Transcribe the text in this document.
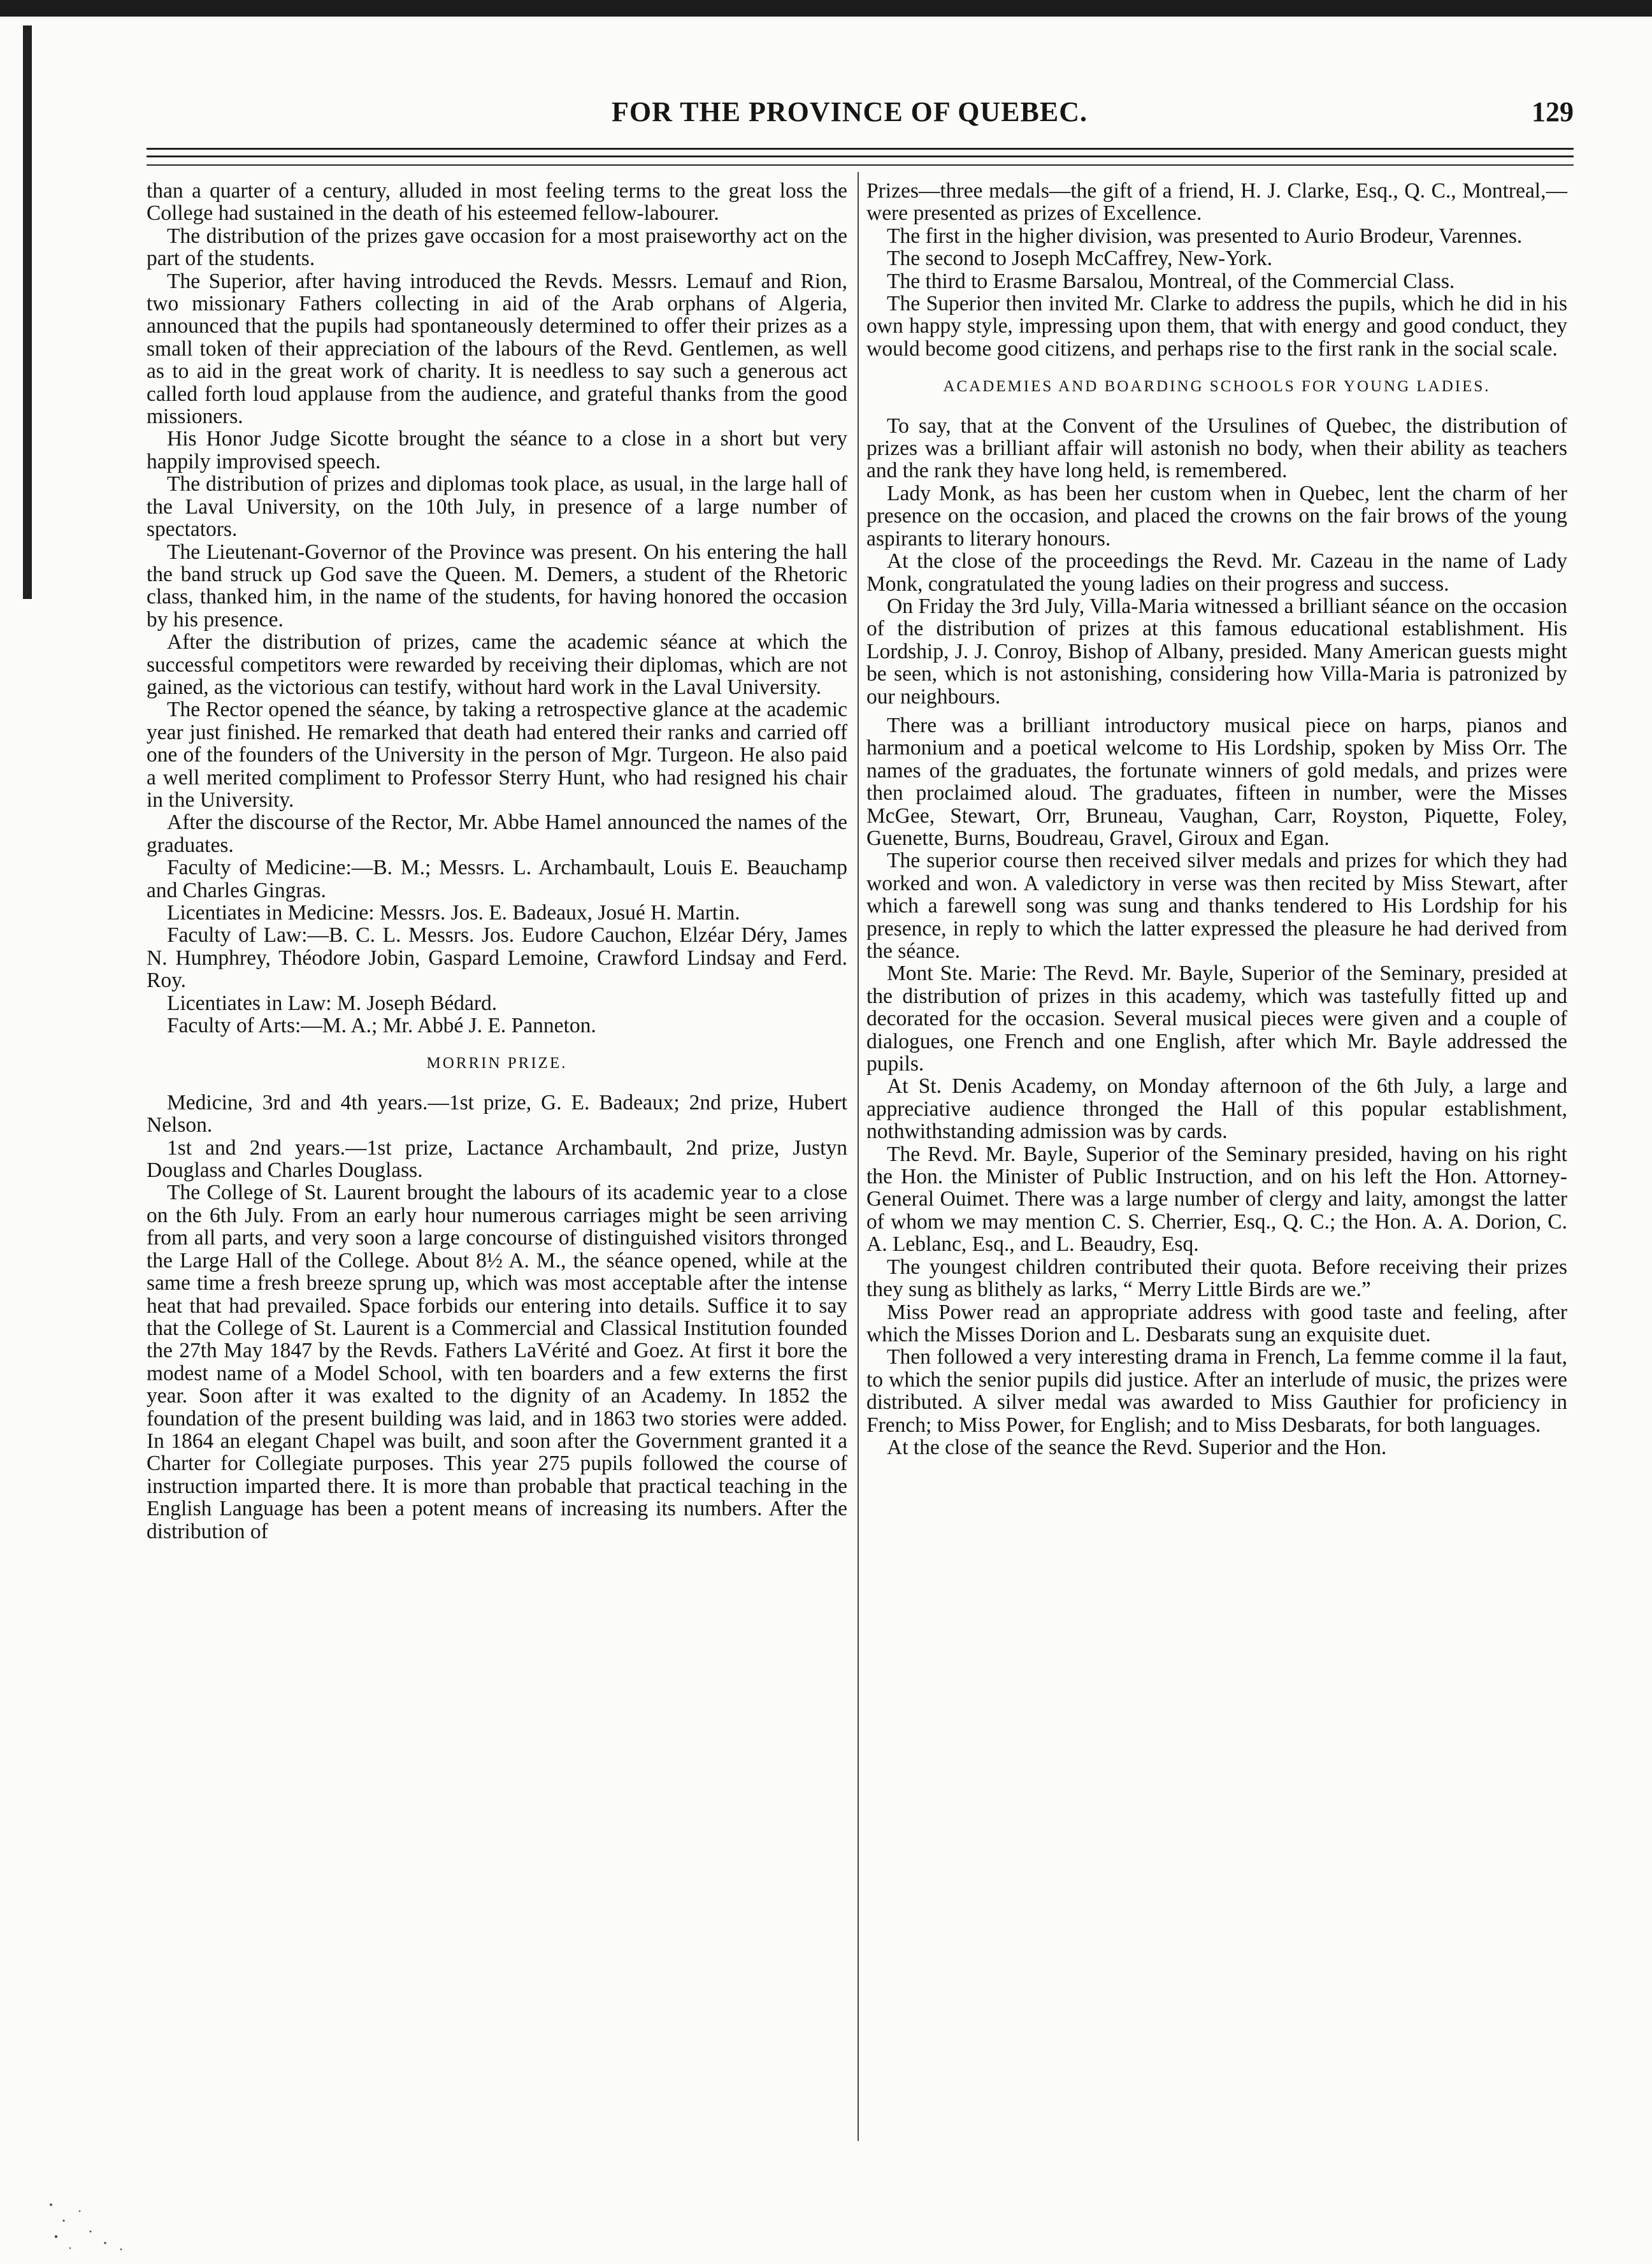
FOR THE PROVINCE OF QUEBEC.	129

than a quarter of a century, alluded in most feeling terms to the great loss the College had sustained in the death of his esteemed fellow-labourer.

The distribution of the prizes gave occasion for a most praiseworthy act on the part of the students.

The Superior, after having introduced the Revds. Messrs. Lemauf and Rion, two missionary Fathers collecting in aid of the Arab orphans of Algeria, announced that the pupils had spontaneously determined to offer their prizes as a small token of their appreciation of the labours of the Revd. Gentlemen, as well as to aid in the great work of charity. It is needless to say such a generous act called forth loud applause from the audience, and grateful thanks from the good missioners.

His Honor Judge Sicotte brought the séance to a close in a short but very happily improvised speech.

The distribution of prizes and diplomas took place, as usual, in the large hall of the Laval University, on the 10th July, in presence of a large number of spectators.

The Lieutenant-Governor of the Province was present. On his entering the hall the band struck up God save the Queen. M. Demers, a student of the Rhetoric class, thanked him, in the name of the students, for having honored the occasion by his presence.

After the distribution of prizes, came the academic séance at which the successful competitors were rewarded by receiving their diplomas, which are not gained, as the victorious can testify, without hard work in the Laval University.

The Rector opened the séance, by taking a retrospective glance at the academic year just finished. He remarked that death had entered their ranks and carried off one of the founders of the University in the person of Mgr. Turgeon. He also paid a well merited compliment to Professor Sterry Hunt, who had resigned his chair in the University.

After the discourse of the Rector, Mr. Abbe Hamel announced the names of the graduates.

Faculty of Medicine:—B. M.; Messrs. L. Archambault, Louis E. Beauchamp and Charles Gingras.

Licentiates in Medicine: Messrs. Jos. E. Badeaux, Josué H. Martin.

Faculty of Law:—B. C. L. Messrs. Jos. Eudore Cauchon, Elzéar Déry, James N. Humphrey, Théodore Jobin, Gaspard Lemoine, Crawford Lindsay and Ferd. Roy.

Licentiates in Law: M. Joseph Bédard.

Faculty of Arts:—M. A.; Mr. Abbé J. E. Panneton.

MORRIN PRIZE.

Medicine, 3rd and 4th years.—1st prize, G. E. Badeaux; 2nd prize, Hubert Nelson.

1st and 2nd years.—1st prize, Lactance Archambault, 2nd prize, Justyn Douglass and Charles Douglass.

The College of St. Laurent brought the labours of its academic year to a close on the 6th July. From an early hour numerous carriages might be seen arriving from all parts, and very soon a large concourse of distinguished visitors thronged the Large Hall of the College. About 8½ A. M., the séance opened, while at the same time a fresh breeze sprung up, which was most acceptable after the intense heat that had prevailed. Space forbids our entering into details. Suffice it to say that the College of St. Laurent is a Commercial and Classical Institution founded the 27th May 1847 by the Revds. Fathers LaVérité and Goez. At first it bore the modest name of a Model School, with ten boarders and a few externs the first year. Soon after it was exalted to the dignity of an Academy. In 1852 the foundation of the present building was laid, and in 1863 two stories were added. In 1864 an elegant Chapel was built, and soon after the Government granted it a Charter for Collegiate purposes. This year 275 pupils followed the course of instruction imparted there. It is more than probable that practical teaching in the English Language has been a potent means of increasing its numbers. After the distribution of

Prizes—three medals—the gift of a friend, H. J. Clarke, Esq., Q. C., Montreal,—were presented as prizes of Excellence.

The first in the higher division, was presented to Aurio Brodeur, Varennes.

The second to Joseph McCaffrey, New-York.

The third to Erasme Barsalou, Montreal, of the Commercial Class.

The Superior then invited Mr. Clarke to address the pupils, which he did in his own happy style, impressing upon them, that with energy and good conduct, they would become good citizens, and perhaps rise to the first rank in the social scale.

ACADEMIES AND BOARDING SCHOOLS FOR YOUNG LADIES.

To say, that at the Convent of the Ursulines of Quebec, the distribution of prizes was a brilliant affair will astonish no body, when their ability as teachers and the rank they have long held, is remembered.

Lady Monk, as has been her custom when in Quebec, lent the charm of her presence on the occasion, and placed the crowns on the fair brows of the young aspirants to literary honours.

At the close of the proceedings the Revd. Mr. Cazeau in the name of Lady Monk, congratulated the young ladies on their progress and success.

On Friday the 3rd July, Villa-Maria witnessed a brilliant séance on the occasion of the distribution of prizes at this famous educational establishment. His Lordship, J. J. Conroy, Bishop of Albany, presided. Many American guests might be seen, which is not astonishing, considering how Villa-Maria is patronized by our neighbours.

There was a brilliant introductory musical piece on harps, pianos and harmonium and a poetical welcome to His Lordship, spoken by Miss Orr. The names of the graduates, the fortunate winners of gold medals, and prizes were then proclaimed aloud. The graduates, fifteen in number, were the Misses McGee, Stewart, Orr, Bruneau, Vaughan, Carr, Royston, Piquette, Foley, Guenette, Burns, Boudreau, Gravel, Giroux and Egan.

The superior course then received silver medals and prizes for which they had worked and won. A valedictory in verse was then recited by Miss Stewart, after which a farewell song was sung and thanks tendered to His Lordship for his presence, in reply to which the latter expressed the pleasure he had derived from the séance.

Mont Ste. Marie: The Revd. Mr. Bayle, Superior of the Seminary, presided at the distribution of prizes in this academy, which was tastefully fitted up and decorated for the occasion. Several musical pieces were given and a couple of dialogues, one French and one English, after which Mr. Bayle addressed the pupils.

At St. Denis Academy, on Monday afternoon of the 6th July, a large and appreciative audience thronged the Hall of this popular establishment, nothwithstanding admission was by cards.

The Revd. Mr. Bayle, Superior of the Seminary presided, having on his right the Hon. the Minister of Public Instruction, and on his left the Hon. Attorney-General Ouimet. There was a large number of clergy and laity, amongst the latter of whom we may mention C. S. Cherrier, Esq., Q. C.; the Hon. A. A. Dorion, C. A. Leblanc, Esq., and L. Beaudry, Esq.

The youngest children contributed their quota. Before receiving their prizes they sung as blithely as larks, “ Merry Little Birds are we.”

Miss Power read an appropriate address with good taste and feeling, after which the Misses Dorion and L. Desbarats sung an exquisite duet.

Then followed a very interesting drama in French, La femme comme il la faut, to which the senior pupils did justice. After an interlude of music, the prizes were distributed. A silver medal was awarded to Miss Gauthier for proficiency in French; to Miss Power, for English; and to Miss Desbarats, for both languages.

At the close of the seance the Revd. Superior and the Hon.
